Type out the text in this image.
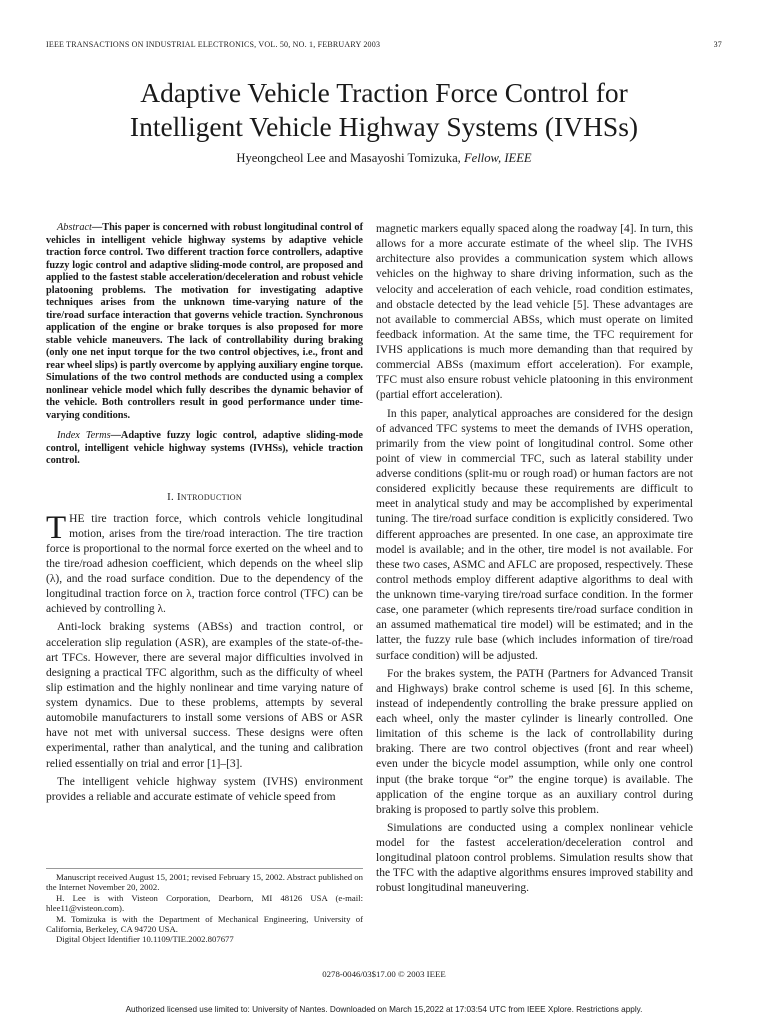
IEEE TRANSACTIONS ON INDUSTRIAL ELECTRONICS, VOL. 50, NO. 1, FEBRUARY 2003	37
Adaptive Vehicle Traction Force Control for
Intelligent Vehicle Highway Systems (IVHSs)
Hyeongcheol Lee and Masayoshi Tomizuka, Fellow, IEEE

Abstract—This paper is concerned with robust longitudinal control of vehicles in intelligent vehicle highway systems by adaptive vehicle traction force control. Two different traction force controllers, adaptive fuzzy logic control and adaptive sliding-mode control, are proposed and applied to the fastest stable acceleration/deceleration and robust vehicle platooning problems. The motivation for investigating adaptive techniques arises from the unknown time-varying nature of the tire/road surface interaction that governs vehicle traction. Synchronous application of the engine or brake torques is also proposed for more stable vehicle maneuvers. The lack of controllability during braking (only one net input torque for the two control objectives, i.e., front and rear wheel slips) is partly overcome by applying auxiliary engine torque. Simulations of the two control methods are conducted using a complex nonlinear vehicle model which fully describes the dynamic behavior of the vehicle. Both controllers result in good performance under time-varying conditions.

Index Terms—Adaptive fuzzy logic control, adaptive sliding-mode control, intelligent vehicle highway systems (IVHSs), vehicle traction control.

I. Introduction

THE tire traction force, which controls vehicle longitudinal motion, arises from the tire/road interaction. The tire traction force is proportional to the normal force exerted on the wheel and to the tire/road adhesion coefficient, which depends on the wheel slip (λ), and the road surface condition. Due to the dependency of the longitudinal traction force on λ, traction force control (TFC) can be achieved by controlling λ.

Anti-lock braking systems (ABSs) and traction control, or acceleration slip regulation (ASR), are examples of the state-of-the-art TFCs. However, there are several major difficulties involved in designing a practical TFC algorithm, such as the difficulty of wheel slip estimation and the highly nonlinear and time varying nature of system dynamics. Due to these problems, attempts by several automobile manufacturers to install some versions of ABS or ASR have not met with universal success. These designs were often experimental, rather than analytical, and the tuning and calibration relied essentially on trial and error [1]–[3].

The intelligent vehicle highway system (IVHS) environment provides a reliable and accurate estimate of vehicle speed from

Manuscript received August 15, 2001; revised February 15, 2002. Abstract published on the Internet November 20, 2002.

H. Lee is with Visteon Corporation, Dearborn, MI 48126 USA (e-mail: hlee11@visteon.com).

M. Tomizuka is with the Department of Mechanical Engineering, University of California, Berkeley, CA 94720 USA.

Digital Object Identifier 10.1109/TIE.2002.807677

magnetic markers equally spaced along the roadway [4]. In turn, this allows for a more accurate estimate of the wheel slip. The IVHS architecture also provides a communication system which allows vehicles on the highway to share driving information, such as the velocity and acceleration of each vehicle, road condition estimates, and obstacle detected by the lead vehicle [5]. These advantages are not available to commercial ABSs, which must operate on limited feedback information. At the same time, the TFC requirement for IVHS applications is much more demanding than that required by commercial ABSs (maximum effort acceleration). For example, TFC must also ensure robust vehicle platooning in this environment (partial effort acceleration).

In this paper, analytical approaches are considered for the design of advanced TFC systems to meet the demands of IVHS operation, primarily from the view point of longitudinal control. Some other point of view in commercial TFC, such as lateral stability under adverse conditions (split-mu or rough road) or human factors are not considered explicitly because these requirements are difficult to meet in analytical study and may be accomplished by experimental tuning. The tire/road surface condition is explicitly considered. Two different approaches are presented. In one case, an approximate tire model is available; and in the other, tire model is not available. For these two cases, ASMC and AFLC are proposed, respectively. These control methods employ different adaptive algorithms to deal with the unknown time-varying tire/road surface condition. In the former case, one parameter (which represents tire/road surface condition in an assumed mathematical tire model) will be estimated; and in the latter, the fuzzy rule base (which includes information of tire/road surface condition) will be adjusted.

For the brakes system, the PATH (Partners for Advanced Transit and Highways) brake control scheme is used [6]. In this scheme, instead of independently controlling the brake pressure applied on each wheel, only the master cylinder is linearly controlled. One limitation of this scheme is the lack of controllability during braking. There are two control objectives (front and rear wheel) even under the bicycle model assumption, while only one control input (the brake torque “or” the engine torque) is available. The application of the engine torque as an auxiliary control during braking is proposed to partly solve this problem.

Simulations are conducted using a complex nonlinear vehicle model for the fastest acceleration/deceleration control and longitudinal platoon control problems. Simulation results show that the TFC with the adaptive algorithms ensures improved stability and robust longitudinal maneuvering.

0278-0046/03$17.00 © 2003 IEEE
Authorized licensed use limited to: University of Nantes. Downloaded on March 15,2022 at 17:03:54 UTC from IEEE Xplore. Restrictions apply.
